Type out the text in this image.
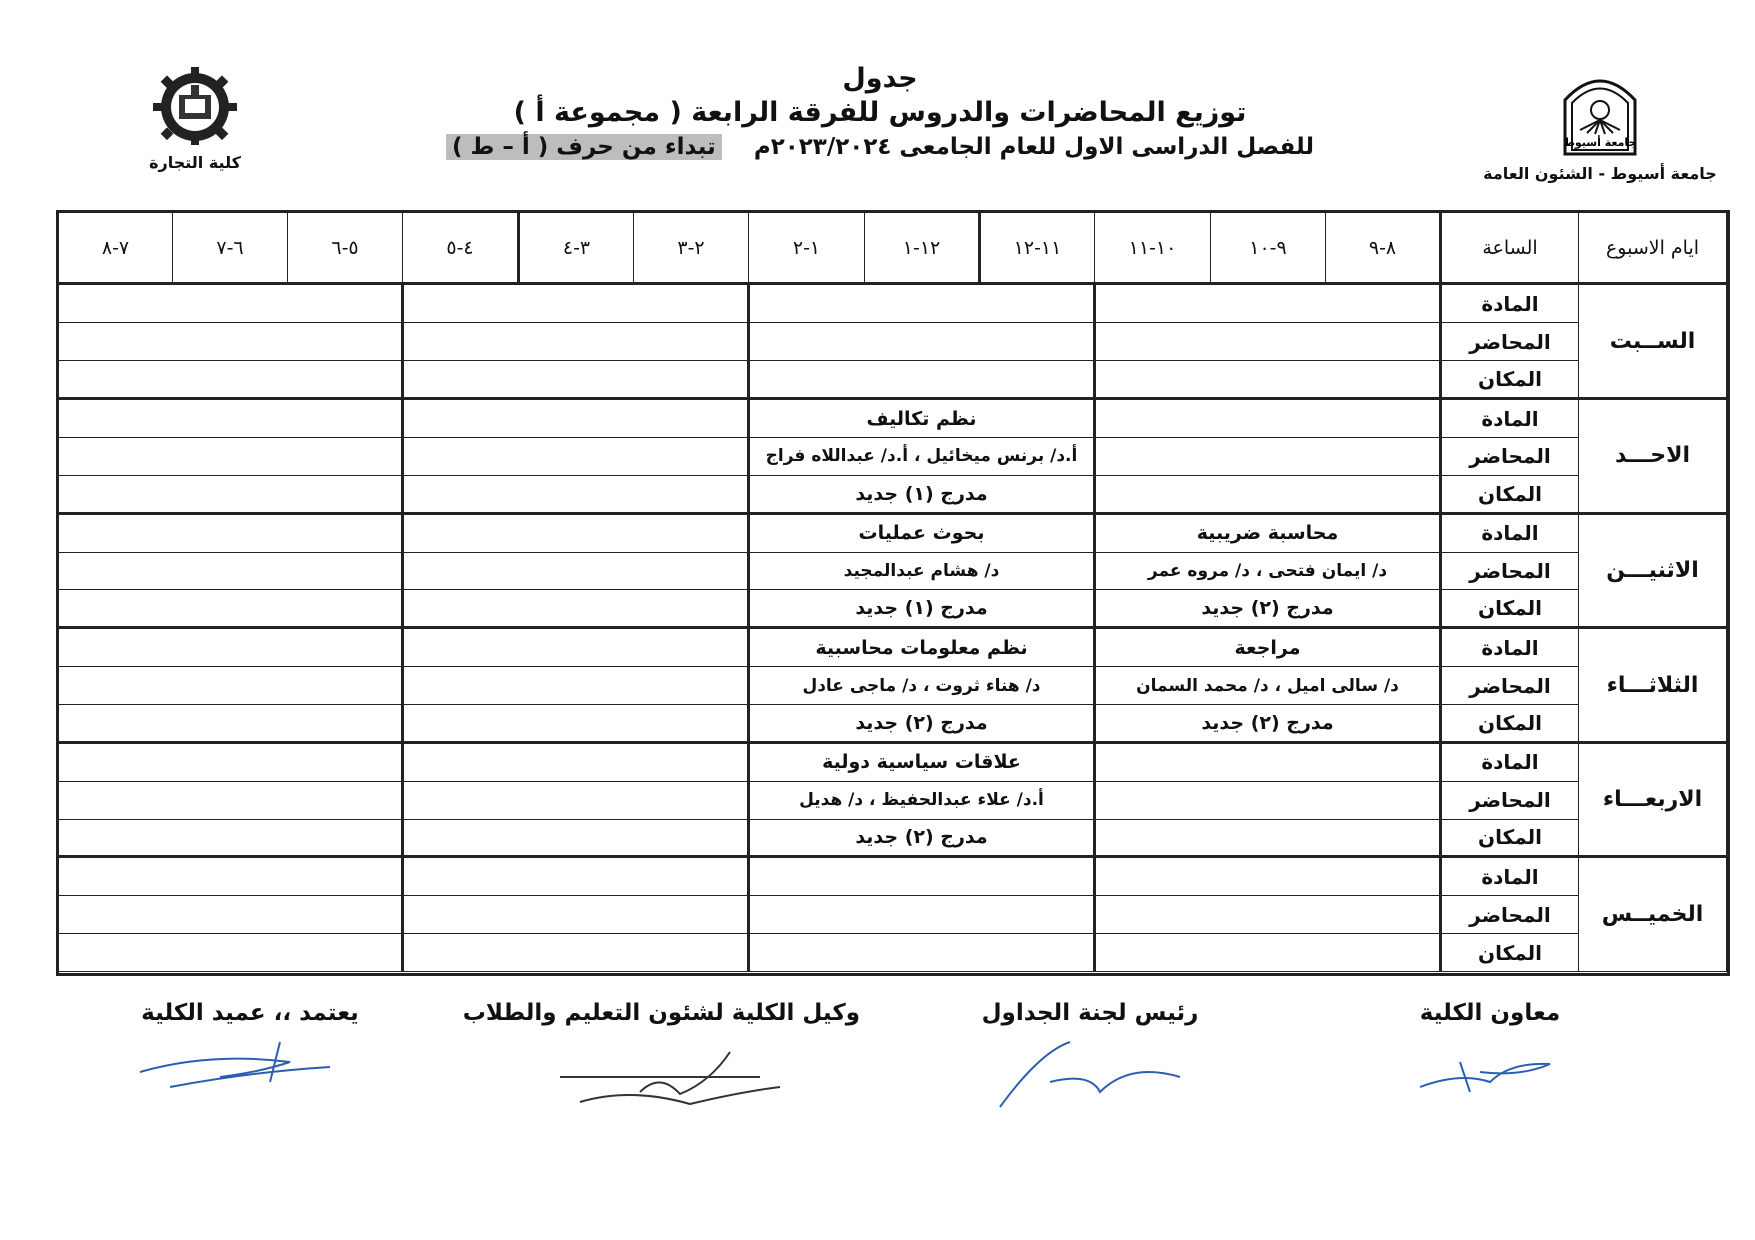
جدول
توزيع المحاضرات والدروس للفرقة الرابعة ( مجموعة أ )
للفصل الدراسى الاول للعام الجامعى ٢٠٢٣/٢٠٢٤م    تبداء من حرف ( أ – ط )	جامعة أسيوط
جامعة أسيوط - الشئون العامة
كلية التجارة
ايام الاسبوع	الساعة	٨-٩	٩-١٠	١٠-١١	١١-١٢	١٢-١	١-٢	٢-٣	٣-٤	٤-٥	٥-٦	٦-٧	٧-٨
الســبت	المادة												
	المحاضر												
	المكان												
الاحـــد	المادة				نظم تكاليف								
	المحاضر				أ.د/ برنس ميخائيل ، أ.د/ عبداللاه فراج								
	المكان				مدرج (١) جديد								
الاثنيـــن	المادة	محاسبة ضريبية			بحوث عمليات								
	المحاضر	د/ ايمان فتحى ، د/ مروه عمر			د/ هشام عبدالمجيد								
	المكان	مدرج (٢) جديد			مدرج (١) جديد								
الثلاثـــاء	المادة	مراجعة			نظم معلومات محاسبية								
	المحاضر	د/ سالى اميل ، د/ محمد السمان			د/ هناء ثروت ، د/ ماجى عادل								
	المكان	مدرج (٢) جديد			مدرج (٢) جديد								
الاربعـــاء	المادة				علاقات سياسية دولية								
	المحاضر				أ.د/ علاء عبدالحفيظ ، د/ هديل								
	المكان				مدرج (٢) جديد								
الخميــس	المادة												
	المحاضر												
	المكان												
معاون الكلية
رئيس لجنة الجداول
وكيل الكلية لشئون التعليم والطلاب
يعتمد ،، عميد الكلية
